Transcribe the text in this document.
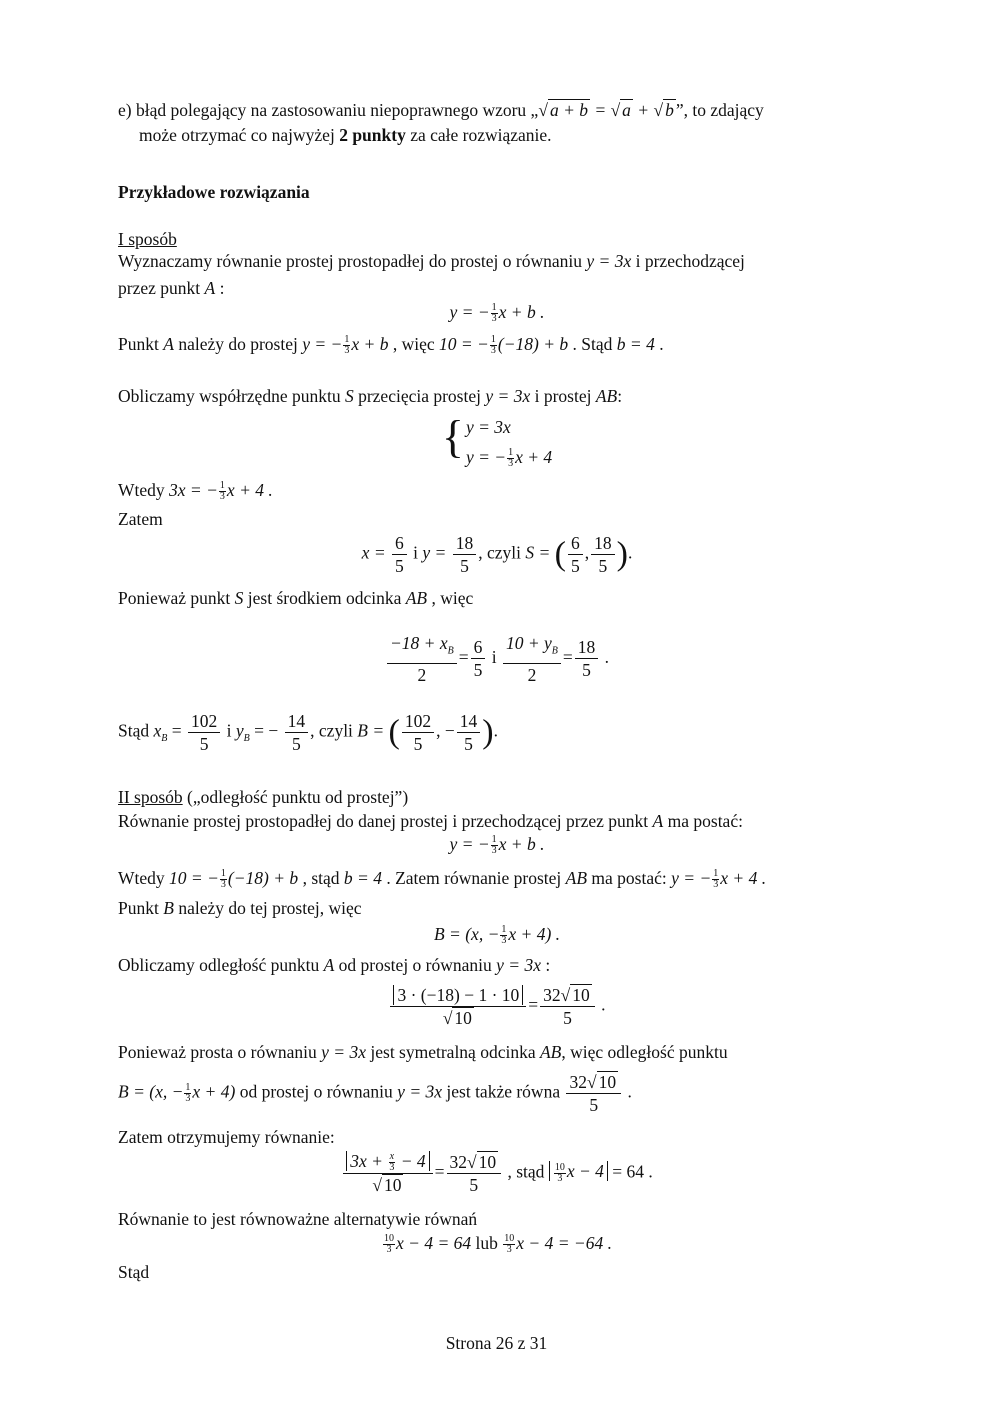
e) błąd polegający na zastosowaniu niepoprawnego wzoru „√ a + b = √ a + √ b ”, to zdający
może otrzymać co najwyżej 2 punkty za całe rozwiązanie.
Przykładowe rozwiązania
I sposób
Wyznaczamy równanie prostej prostopadłej do prostej o równaniu y = 3x i przechodzącej
przez punkt A :
y = − $\frac{1}{3}$ x + b .
Punkt A należy do prostej y = − $\frac{1}{3}$ x + b , więc 10 = − $\frac{1}{3} (-18) + b$ . Stąd b = 4 .
Obliczamy współrzędne punktu S przecięcia prostej y = 3x i prostej AB:
{ y = 3x
y = − $\frac{1}{3}$ x + 4
Wtedy 3x = − $\frac{1}{3}$ x + 4 .
Zatem
$x = \frac{6}{5}$ i $y = \frac{18}{5}$ , czyli S = ( $\frac{6}{5}$ , $\frac{18}{5}$ ).
Ponieważ punkt S jest środkiem odcinka AB , więc
$\frac{-18 + x_B}{2} = \frac{6}{5}$ i $\frac{10 + y_B}{2} = \frac{18}{5}$ .
Stąd $x_B = \frac{102}{5}$ i $y_B$ = − $\frac{14}{5}$ , czyli B = ( $\frac{102}{5}$ , − $\frac{14}{5}$ ).
II sposób („odległość punktu od prostej”)
Równanie prostej prostopadłej do danej prostej i przechodzącej przez punkt A ma postać:
y = − $\frac{1}{3}$ x + b .
Wtedy 10 = − $\frac{1}{3} (-18) + b$ , stąd b = 4 . Zatem równanie prostej AB ma postać: y = − $\frac{1}{3}$ x + 4 .
Punkt B należy do tej prostej, więc
B = (x, − $\frac{1}{3}$ x + 4) .
Obliczamy odległość punktu A od prostej o równaniu y = 3x :
$\frac{3 \cdot (-18) - 1 \cdot 10}{√ 10} = \frac{32√ 10}{5}$ .
Ponieważ prosta o równaniu y = 3x jest symetralną odcinka AB, więc odległość punktu
B = (x, − $\frac{1}{3}$ x + 4) od prostej o równaniu y = 3x jest także równa $\frac{32√ 10}{5}$ .
Zatem otrzymujemy równanie:
$\frac{3x + \frac{x}{3} - 4}{√ 10} = \frac{32√ 10}{5}$ , stąd $\frac{10}{3}$ x − 4 = 64 .
Równanie to jest równoważne alternatywie równań
$\frac{10}{3}$ x − 4 = 64 lub $\frac{10}{3}$ x − 4 = −64 .
Stąd
Strona 26 z 31
